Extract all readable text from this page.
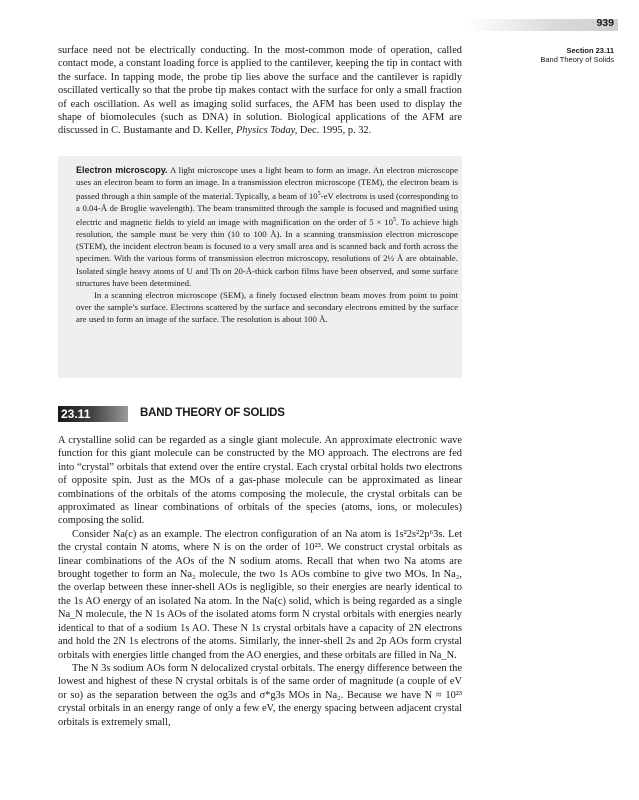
939
Section 23.11
Band Theory of Solids

surface need not be electrically conducting. In the most-common mode of operation, called contact mode, a constant loading force is applied to the cantilever, keeping the tip in contact with the surface. In tapping mode, the probe tip lies above the surface and the cantilever is rapidly oscillated vertically so that the probe tip makes contact with the surface for only a small fraction of each oscillation. As well as imaging solid surfaces, the AFM has been used to display the shape of biomolecules (such as DNA) in solution. Biological applications of the AFM are discussed in C. Bustamante and D. Keller, Physics Today, Dec. 1995, p. 32.

Electron microscopy. A light microscope uses a light beam to form an image. An electron microscope uses an electron beam to form an image. In a transmission electron microscope (TEM), the electron beam is passed through a thin sample of the material. Typically, a beam of $10^5-eV$ electrons is used (corresponding to a 0.04-Å de Broglie wavelength). The beam transmitted through the sample is focused and magnified using electric and magnetic fields to yield an image with magnification on the order of $5 \times 10^5$. To achieve high resolution, the sample must be very thin (10 to 100 Å). In a scanning transmission electron microscope (STEM), the incident electron beam is focused to a very small area and is scanned back and forth across the specimen. With the various forms of transmission electron microscopy, resolutions of 2½ Å are obtainable. Isolated single heavy atoms of U and Th on 20-Å-thick carbon films have been observed, and some surface structures have been determined.

In a scanning electron microscope (SEM), a finely focused electron beam moves from point to point over the sample’s surface. Electrons scattered by the surface and secondary electrons emitted by the surface are used to form an image of the surface. The resolution is about 100 Å.

23.11	BAND THEORY OF SOLIDS

A crystalline solid can be regarded as a single giant molecule. An approximate electronic wave function for this giant molecule can be constructed by the MO approach. The electrons are fed into “crystal” orbitals that extend over the entire crystal. Each crystal orbital holds two electrons of opposite spin. Just as the MOs of a gas-phase molecule can be approximated as linear combinations of the orbitals of the atoms composing the molecule, the crystal orbitals can be approximated as linear combinations of orbitals of the species (atoms, ions, or molecules) composing the solid.

Consider Na(c) as an example. The electron configuration of an Na atom is 1s²2s²2p⁶3s. Let the crystal contain N atoms, where N is on the order of 10²³. We construct crystal orbitals as linear combinations of the AOs of the N sodium atoms. Recall that when two Na atoms are brought together to form an Na₂ molecule, the two 1s AOs combine to give two MOs. In Na₂, the overlap between these inner-shell AOs is negligible, so their energies are nearly identical to the 1s AO energy of an isolated Na atom. In the Na(c) solid, which is being regarded as a single Na_N molecule, the N 1s AOs of the isolated atoms form N crystal orbitals with energies nearly identical to that of a sodium 1s AO. These N 1s crystal orbitals have a capacity of 2N electrons and hold the 2N 1s electrons of the atoms. Similarly, the inner-shell 2s and 2p AOs form crystal orbitals with energies little changed from the AO energies, and these orbitals are filled in Na_N.

The N 3s sodium AOs form N delocalized crystal orbitals. The energy difference between the lowest and highest of these N crystal orbitals is of the same order of magnitude (a couple of eV or so) as the separation between the σg3s and σ*g3s MOs in Na₂. Because we have N ≈ 10²³ crystal orbitals in an energy range of only a few eV, the energy spacing between adjacent crystal orbitals is extremely small,
